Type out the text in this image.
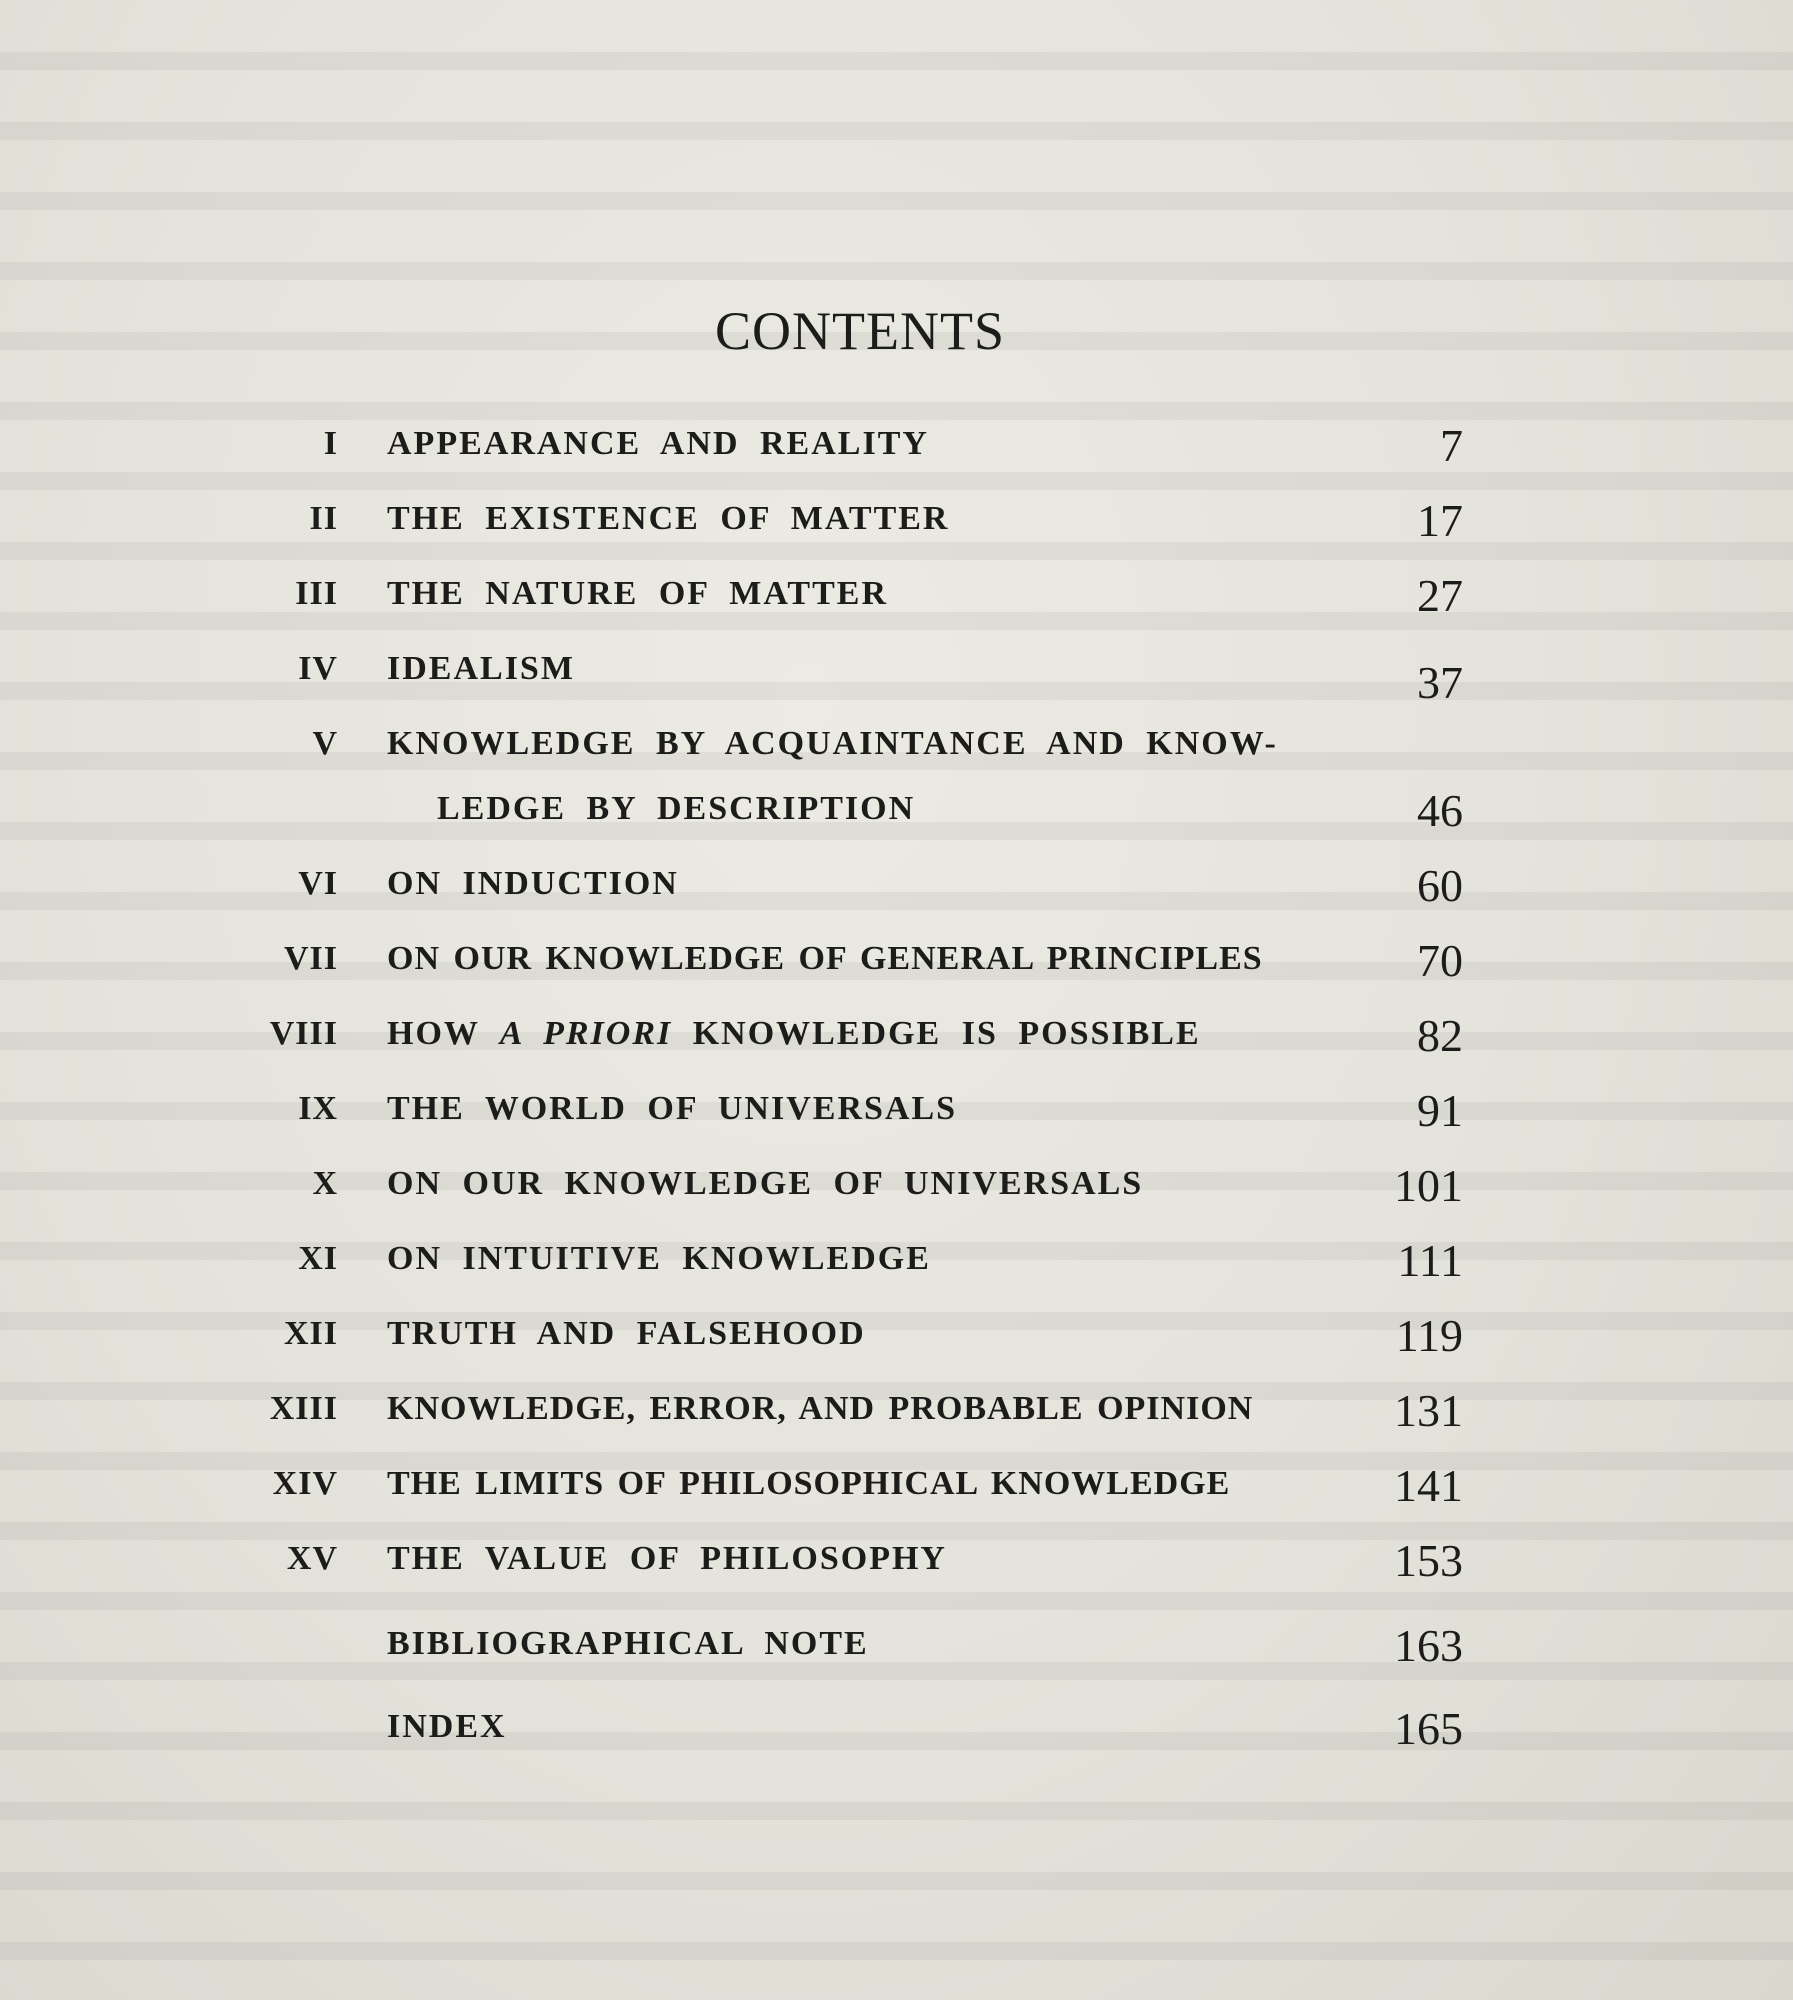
CONTENTS
I APPEARANCE AND REALITY	7
II THE EXISTENCE OF MATTER	17
III THE NATURE OF MATTER	27
IV IDEALISM	37
V KNOWLEDGE BY ACQUAINTANCE AND KNOW-
LEDGE BY DESCRIPTION	46
VI ON INDUCTION	60
VII ON OUR KNOWLEDGE OF GENERAL PRINCIPLES	70
VIII HOW A PRIORI KNOWLEDGE IS POSSIBLE	82
IX THE WORLD OF UNIVERSALS	91
X ON OUR KNOWLEDGE OF UNIVERSALS	101
XI ON INTUITIVE KNOWLEDGE	111
XII TRUTH AND FALSEHOOD	119
XIII KNOWLEDGE, ERROR, AND PROBABLE OPINION	131
XIV THE LIMITS OF PHILOSOPHICAL KNOWLEDGE	141
XV THE VALUE OF PHILOSOPHY	153
BIBLIOGRAPHICAL NOTE	163
INDEX	165
